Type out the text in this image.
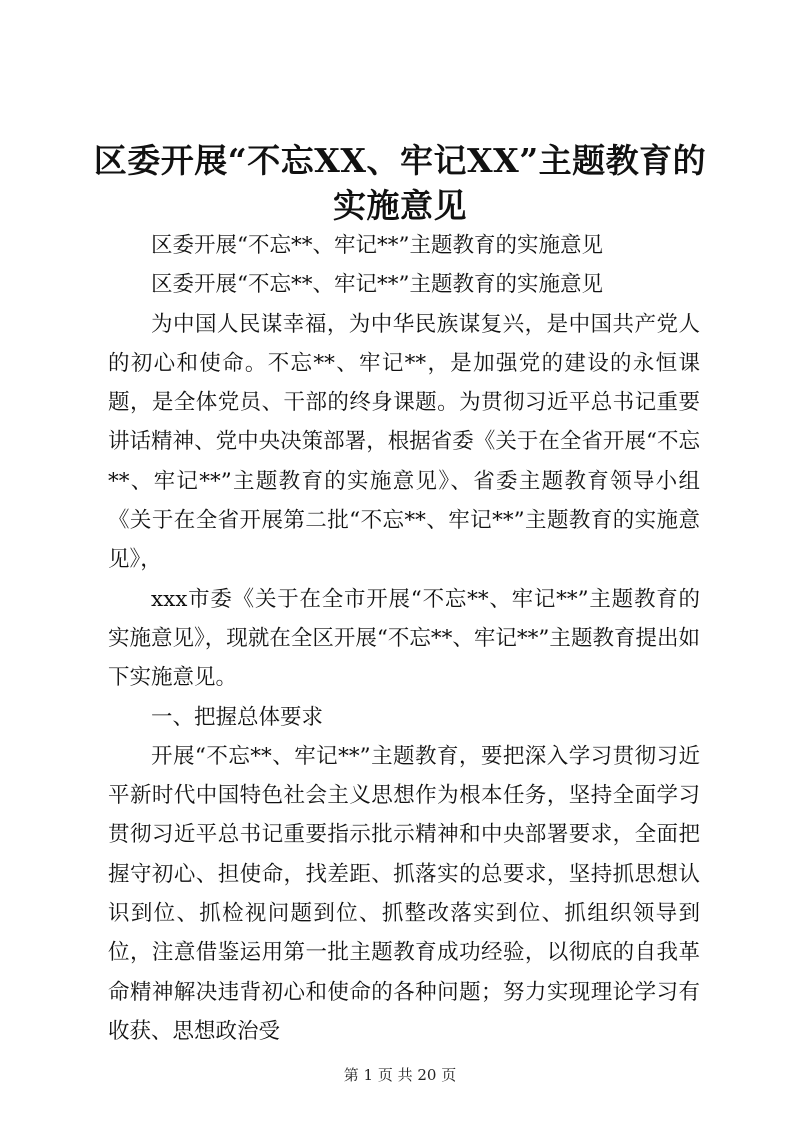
区委开展“不忘XX、牢记XX”主题教育的实施意见

区委开展“不忘**、牢记**”主题教育的实施意见

区委开展“不忘**、牢记**”主题教育的实施意见

为中国人民谋幸福，为中华民族谋复兴，是中国共产党人的初心和使命。不忘**、牢记**，是加强党的建设的永恒课题，是全体党员、干部的终身课题。为贯彻习近平总书记重要讲话精神、党中央决策部署，根据省委《关于在全省开展“不忘**、牢记**”主题教育的实施意见》、省委主题教育领导小组《关于在全省开展第二批“不忘**、牢记**”主题教育的实施意见》，

xxx市委《关于在全市开展“不忘**、牢记**”主题教育的实施意见》，现就在全区开展“不忘**、牢记**”主题教育提出如下实施意见。

一、把握总体要求

开展“不忘**、牢记**”主题教育，要把深入学习贯彻习近平新时代中国特色社会主义思想作为根本任务，坚持全面学习贯彻习近平总书记重要指示批示精神和中央部署要求，全面把握守初心、担使命，找差距、抓落实的总要求，坚持抓思想认识到位、抓检视问题到位、抓整改落实到位、抓组织领导到位，注意借鉴运用第一批主题教育成功经验，以彻底的自我革命精神解决违背初心和使命的各种问题；努力实现理论学习有收获、思想政治受

第 1 页 共 20 页
